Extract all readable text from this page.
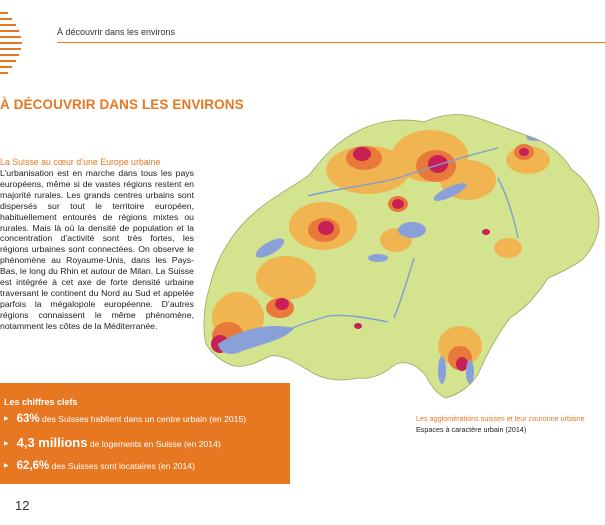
À découvrir dans les environs
À DÉCOUVRIR DANS LES ENVIRONS
La Suisse au cœur d’une Europe urbaine

L’urbanisation est en marche dans tous les pays européens, même si de vastes régions restent en majorité rurales. Les grands centres urbains sont dispersés sur tout le territoire européen, habituellement entourés de régions mixtes ou rurales. Mais là où la densité de population et la concentration d’activité sont très fortes, les régions urbaines sont connectées. On observe le phénomène au Royaume-Unis, dans les Pays-Bas, le long du Rhin et autour de Milan. La Suisse est intégrée à cet axe de forte densité urbaine traversant le continent du Nord au Sud et appelée parfois la mégalopole européenne. D’autres régions connaissent le même phénomène, notamment les côtes de la Méditerranée.

Les agglomérations suisses et leur couronne urbaine
Espaces à caractère urbain (2014)
Les chiffres clefs
▶ 63% des Suisses habitent dans un centre urbain (en 2015)
▶ 4,3 millions de logements en Suisse (en 2014)
▶ 62,6% des Suisses sont locataires (en 2014)
12
